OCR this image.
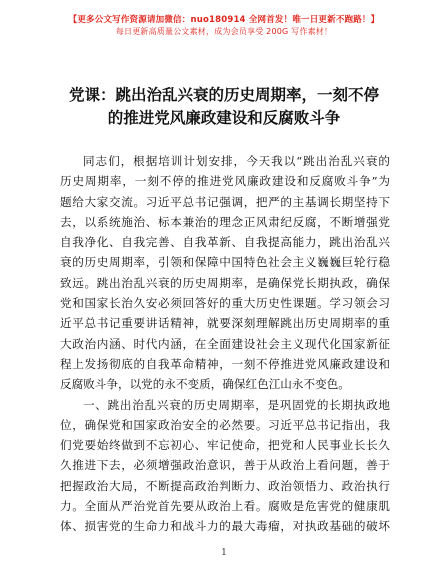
【更多公文写作资源请加微信：nuo180914 全网首发！唯一日更新不跑路！】
每日更新高质量公文素材，成为会员享受 200G 写作素材！
党课：跳出治乱兴衰的历史周期率，一刻不停
的推进党风廉政建设和反腐败斗争
同志们，根据培训计划安排，今天我以“跳出治乱兴衰的
历史周期率，一刻不停的推进党风廉政建设和反腐败斗争”为
题给大家交流。习近平总书记强调，把严的主基调长期坚持下
去，以系统施治、标本兼治的理念正风肃纪反腐，不断增强党
自我净化、自我完善、自我革新、自我提高能力，跳出治乱兴
衰的历史周期率，引领和保障中国特色社会主义巍巍巨轮行稳
致远。跳出治乱兴衰的历史周期率，是确保党长期执政，确保
党和国家长治久安必须回答好的重大历史性课题。学习领会习
近平总书记重要讲话精神，就要深刻理解跳出历史周期率的重
大政治内涵、时代内涵，在全面建设社会主义现代化国家新征
程上发扬彻底的自我革命精神，一刻不停推进党风廉政建设和
反腐败斗争，以党的永不变质，确保红色江山永不变色。
一、跳出治乱兴衰的历史周期率，是巩固党的长期执政地
位，确保党和国家政治安全的必然要。习近平总书记指出，我
们党要始终做到不忘初心、牢记使命，把党和人民事业长长久
久推进下去，必须增强政治意识，善于从政治上看问题，善于
把握政治大局，不断提高政治判断力、政治领悟力、政治执行
力。全面从严治党首先要从政治上看。腐败是危害党的健康肌
体、损害党的生命力和战斗力的最大毒瘤，对执政基础的破坏
1
